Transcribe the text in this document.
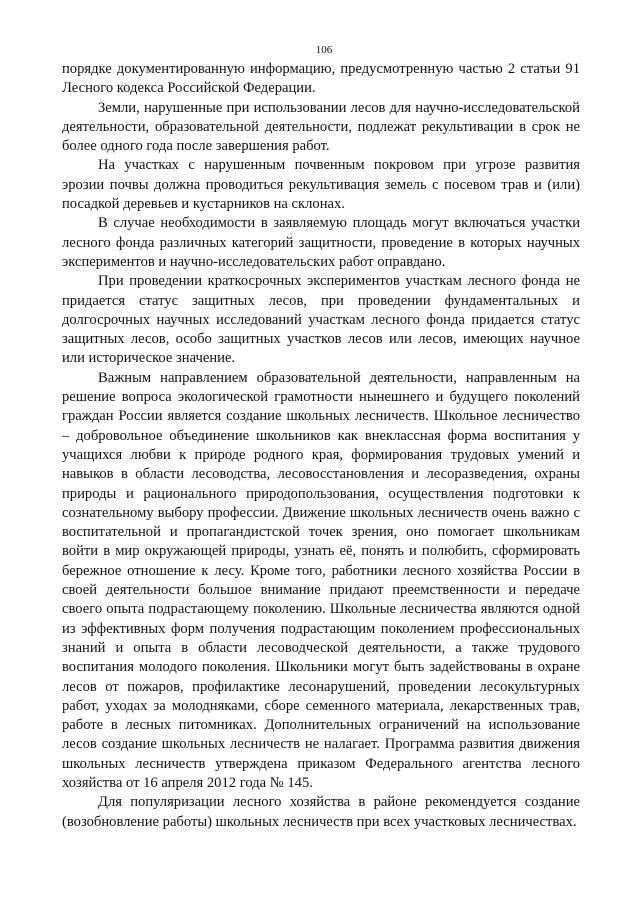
106

порядке документированную информацию, предусмотренную частью 2 статьи 91 Лесного кодекса Российской Федерации.

Земли, нарушенные при использовании лесов для научно-исследовательской деятельности, образовательной деятельности, подлежат рекультивации в срок не более одного года после завершения работ.

На участках с нарушенным почвенным покровом при угрозе развития эрозии почвы должна проводиться рекультивация земель с посевом трав и (или) посадкой деревьев и кустарников на склонах.

В случае необходимости в заявляемую площадь могут включаться участки лесного фонда различных категорий защитности, проведение в которых научных экспериментов и научно-исследовательских работ оправдано.

При проведении краткосрочных экспериментов участкам лесного фонда не придается статус защитных лесов, при проведении фундаментальных и долгосрочных научных исследований участкам лесного фонда придается статус защитных лесов, особо защитных участков лесов или лесов, имеющих научное или историческое значение.

Важным направлением образовательной деятельности, направленным на решение вопроса экологической грамотности нынешнего и будущего поколений граждан России является создание школьных лесничеств. Школьное лесничество – добровольное объединение школьников как внеклассная форма воспитания у учащихся любви к природе родного края, формирования трудовых умений и навыков в области лесоводства, лесовосстановления и лесоразведения, охраны природы и рационального природопользования, осуществления подготовки к сознательному выбору профессии. Движение школьных лесничеств очень важно с воспитательной и пропагандистской точек зрения, оно помогает школьникам войти в мир окружающей природы, узнать её, понять и полюбить, сформировать бережное отношение к лесу. Кроме того, работники лесного хозяйства России в своей деятельности большое внимание придают преемственности и передаче своего опыта подрастающему поколению. Школьные лесничества являются одной из эффективных форм получения подрастающим поколением профессиональных знаний и опыта в области лесоводческой деятельности, а также трудового воспитания молодого поколения. Школьники могут быть задействованы в охране лесов от пожаров, профилактике лесонарушений, проведении лесокультурных работ, уходах за молодняками, сборе семенного материала, лекарственных трав, работе в лесных питомниках. Дополнительных ограничений на использование лесов создание школьных лесничеств не налагает. Программа развития движения школьных лесничеств утверждена приказом Федерального агентства лесного хозяйства от 16 апреля 2012 года № 145.

Для популяризации лесного хозяйства в районе рекомендуется создание (возобновление работы) школьных лесничеств при всех участковых лесничествах.
